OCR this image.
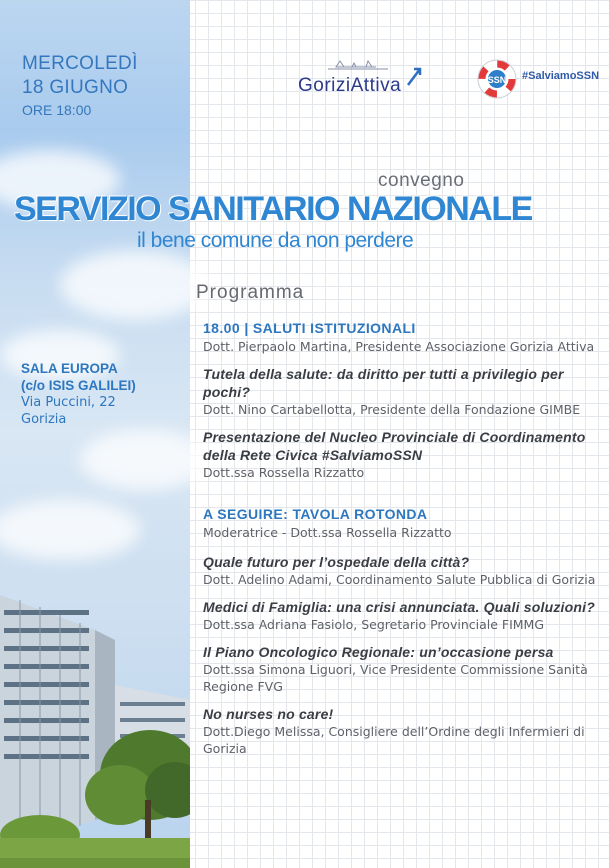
MERCOLEDÌ
18 GIUGNO
ORE 18:00
GoriziAttiva	SSN #SalviamoSSN
convegno
SERVIZIO SANITARIO NAZIONALE
il bene comune da non perdere
Programma
SALA EUROPA
(c/o ISIS GALILEI)
Via Puccini, 22
Gorizia
18.00 | SALUTI ISTITUZIONALI
Dott. Pierpaolo Martina, Presidente Associazione Gorizia Attiva
Tutela della salute: da diritto per tutti a privilegio per pochi?
Dott. Nino Cartabellotta, Presidente della Fondazione GIMBE
Presentazione del Nucleo Provinciale di Coordinamento della Rete Civica #SalviamoSSN
Dott.ssa Rossella Rizzatto
A SEGUIRE: TAVOLA ROTONDA
Moderatrice - Dott.ssa Rossella Rizzatto
Quale futuro per l’ospedale della città?
Dott. Adelino Adami, Coordinamento Salute Pubblica di Gorizia
Medici di Famiglia: una crisi annunciata. Quali soluzioni?
Dott.ssa Adriana Fasiolo, Segretario Provinciale FIMMG
Il Piano Oncologico Regionale: un’occasione persa
Dott.ssa Simona Liguori, Vice Presidente Commissione Sanità Regione FVG
No nurses no care!
Dott.Diego Melissa, Consigliere dell’Ordine degli Infermieri di Gorizia
